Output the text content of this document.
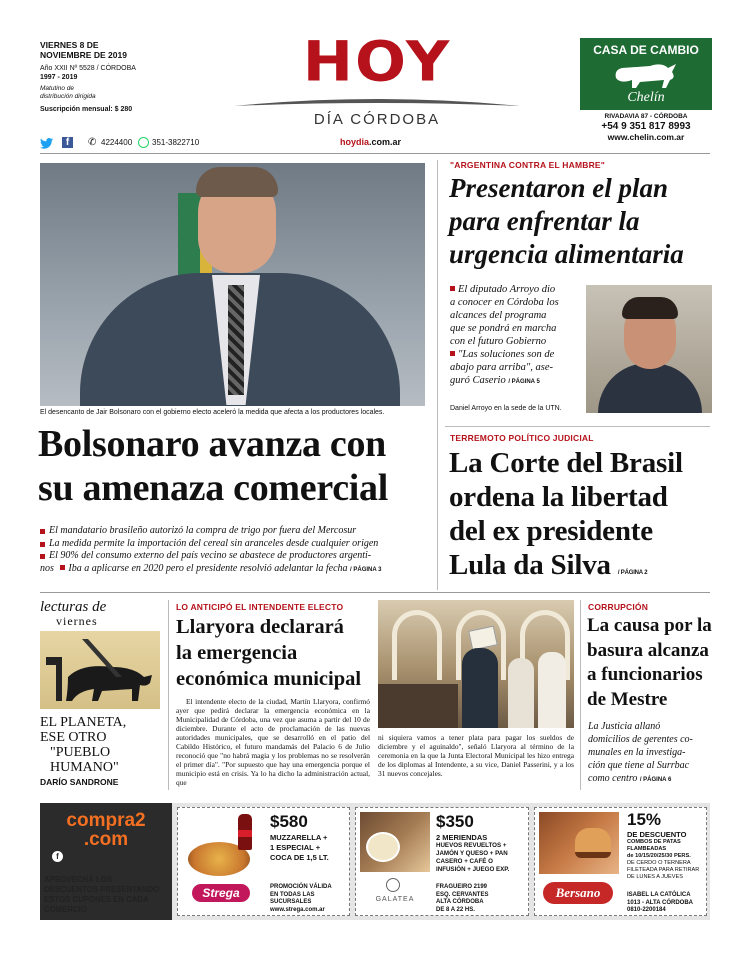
VIERNES 8 DE
NOVIEMBRE DE 2019
Año XXII Nº 5528 / CÓRDOBA
1997 - 2019
Matutino de
distribución dirigida
Suscripción mensual: $ 280
HOY
DÍA CÓRDOBA
f	✆ 4224400 351-3822710	hoydia.com.ar
CASA DE CAMBIO
Chelín
RIVADAVIA 87 - CÓRDOBA
+54 9 351 817 8993
www.chelin.com.ar
El desencanto de Jair Bolsonaro con el gobierno electo aceleró la medida que afecta a los productores locales.
Bolsonaro avanza con
su amenaza comercial
El mandatario brasileño autorizó la compra de trigo por fuera del Mercosur
La medida permite la importación del cereal sin aranceles desde cualquier origen
El 90% del consumo externo del país vecino se abastece de productores argenti-
nos Iba a aplicarse en 2020 pero el presidente resolvió adelantar la fecha / PÁGINA 3
"ARGENTINA CONTRA EL HAMBRE"
Presentaron el plan
para enfrentar la
urgencia alimentaria
El diputado Arroyo dio
a conocer en Córdoba los
alcances del programa
que se pondrá en marcha
con el futuro Gobierno
"Las soluciones son de
abajo para arriba", ase-
guró Caserio / PÁGINA 5
Daniel Arroyo en la sede de la UTN.
TERREMOTO POLÍTICO JUDICIAL
La Corte del Brasil
ordena la libertad
del ex presidente
Lula da Silva / PÁGINA 2
lecturas de
viernes
EL PLANETA,
ESE OTRO
"PUEBLO
HUMANO"
DARÍO SANDRONE
LO ANTICIPÓ EL INTENDENTE ELECTO
Llaryora declarará
la emergencia
económica municipal
El intendente electo de la ciudad, Martín Llaryora, confirmó ayer que pedirá declarar la emergencia económica en la Municipalidad de Córdoba, una vez que asuma a partir del 10 de diciembre. Durante el acto de proclamación de las nuevas autoridades municipales, que se desarrolló en el patio del Cabildo Histórico, el futuro mandamás del Palacio 6 de Julio reconoció que "no habrá magia y los problemas no se resolverán el primer día". "Por supuesto que hay una emergencia porque el municipio está en crisis. Ya lo ha dicho la administración actual, que
ni siquiera vamos a tener plata para pagar los sueldos de diciembre y el aguinaldo", señaló Llaryora al término de la ceremonia en la que la Junta Electoral Municipal les hizo entrega de los diplomas al Intendente, a su vice, Daniel Passerini, y a los 31 nuevos concejales.
CORRUPCIÓN
La causa por la
basura alcanza
a funcionarios
de Mestre
La Justicia allanó
domicilios de gerentes co-
munales en la investiga-
ción que tiene al Surrbac
como centro / PÁGINA 6
compra2
.com
f
APROVECHÁ LOS
DESCUENTOS PRESENTANDO
ESTOS CUPONES EN CADA
COMERCIO
Strega
$580
MUZZARELLA +
1 ESPECIAL +
COCA DE 1,5 LT.
PROMOCIÓN VÁLIDA
EN TODAS LAS
SUCURSALES
www.strega.com.ar
GALATEA
$350
2 MERIENDAS
HUEVOS REVUELTOS +
JAMÓN Y QUESO + PAN
CASERO + CAFÉ O
INFUSIÓN + JUEGO EXP.
FRAGUEIRO 2199
ESQ. CERVANTES
ALTA CÓRDOBA
DE 8 A 22 HS.
Bersano
15%
DE DESCUENTO
COMBOS DE PATAS
FLAMBEADAS
de 10/15/20/25/30 PERS.
DE CERDO O TERNERA
FILETEADA PARA RETIRAR
DE LUNES A JUEVES
ISABEL LA CATÓLICA
1013 - ALTA CÓRDOBA
0810-2200184
